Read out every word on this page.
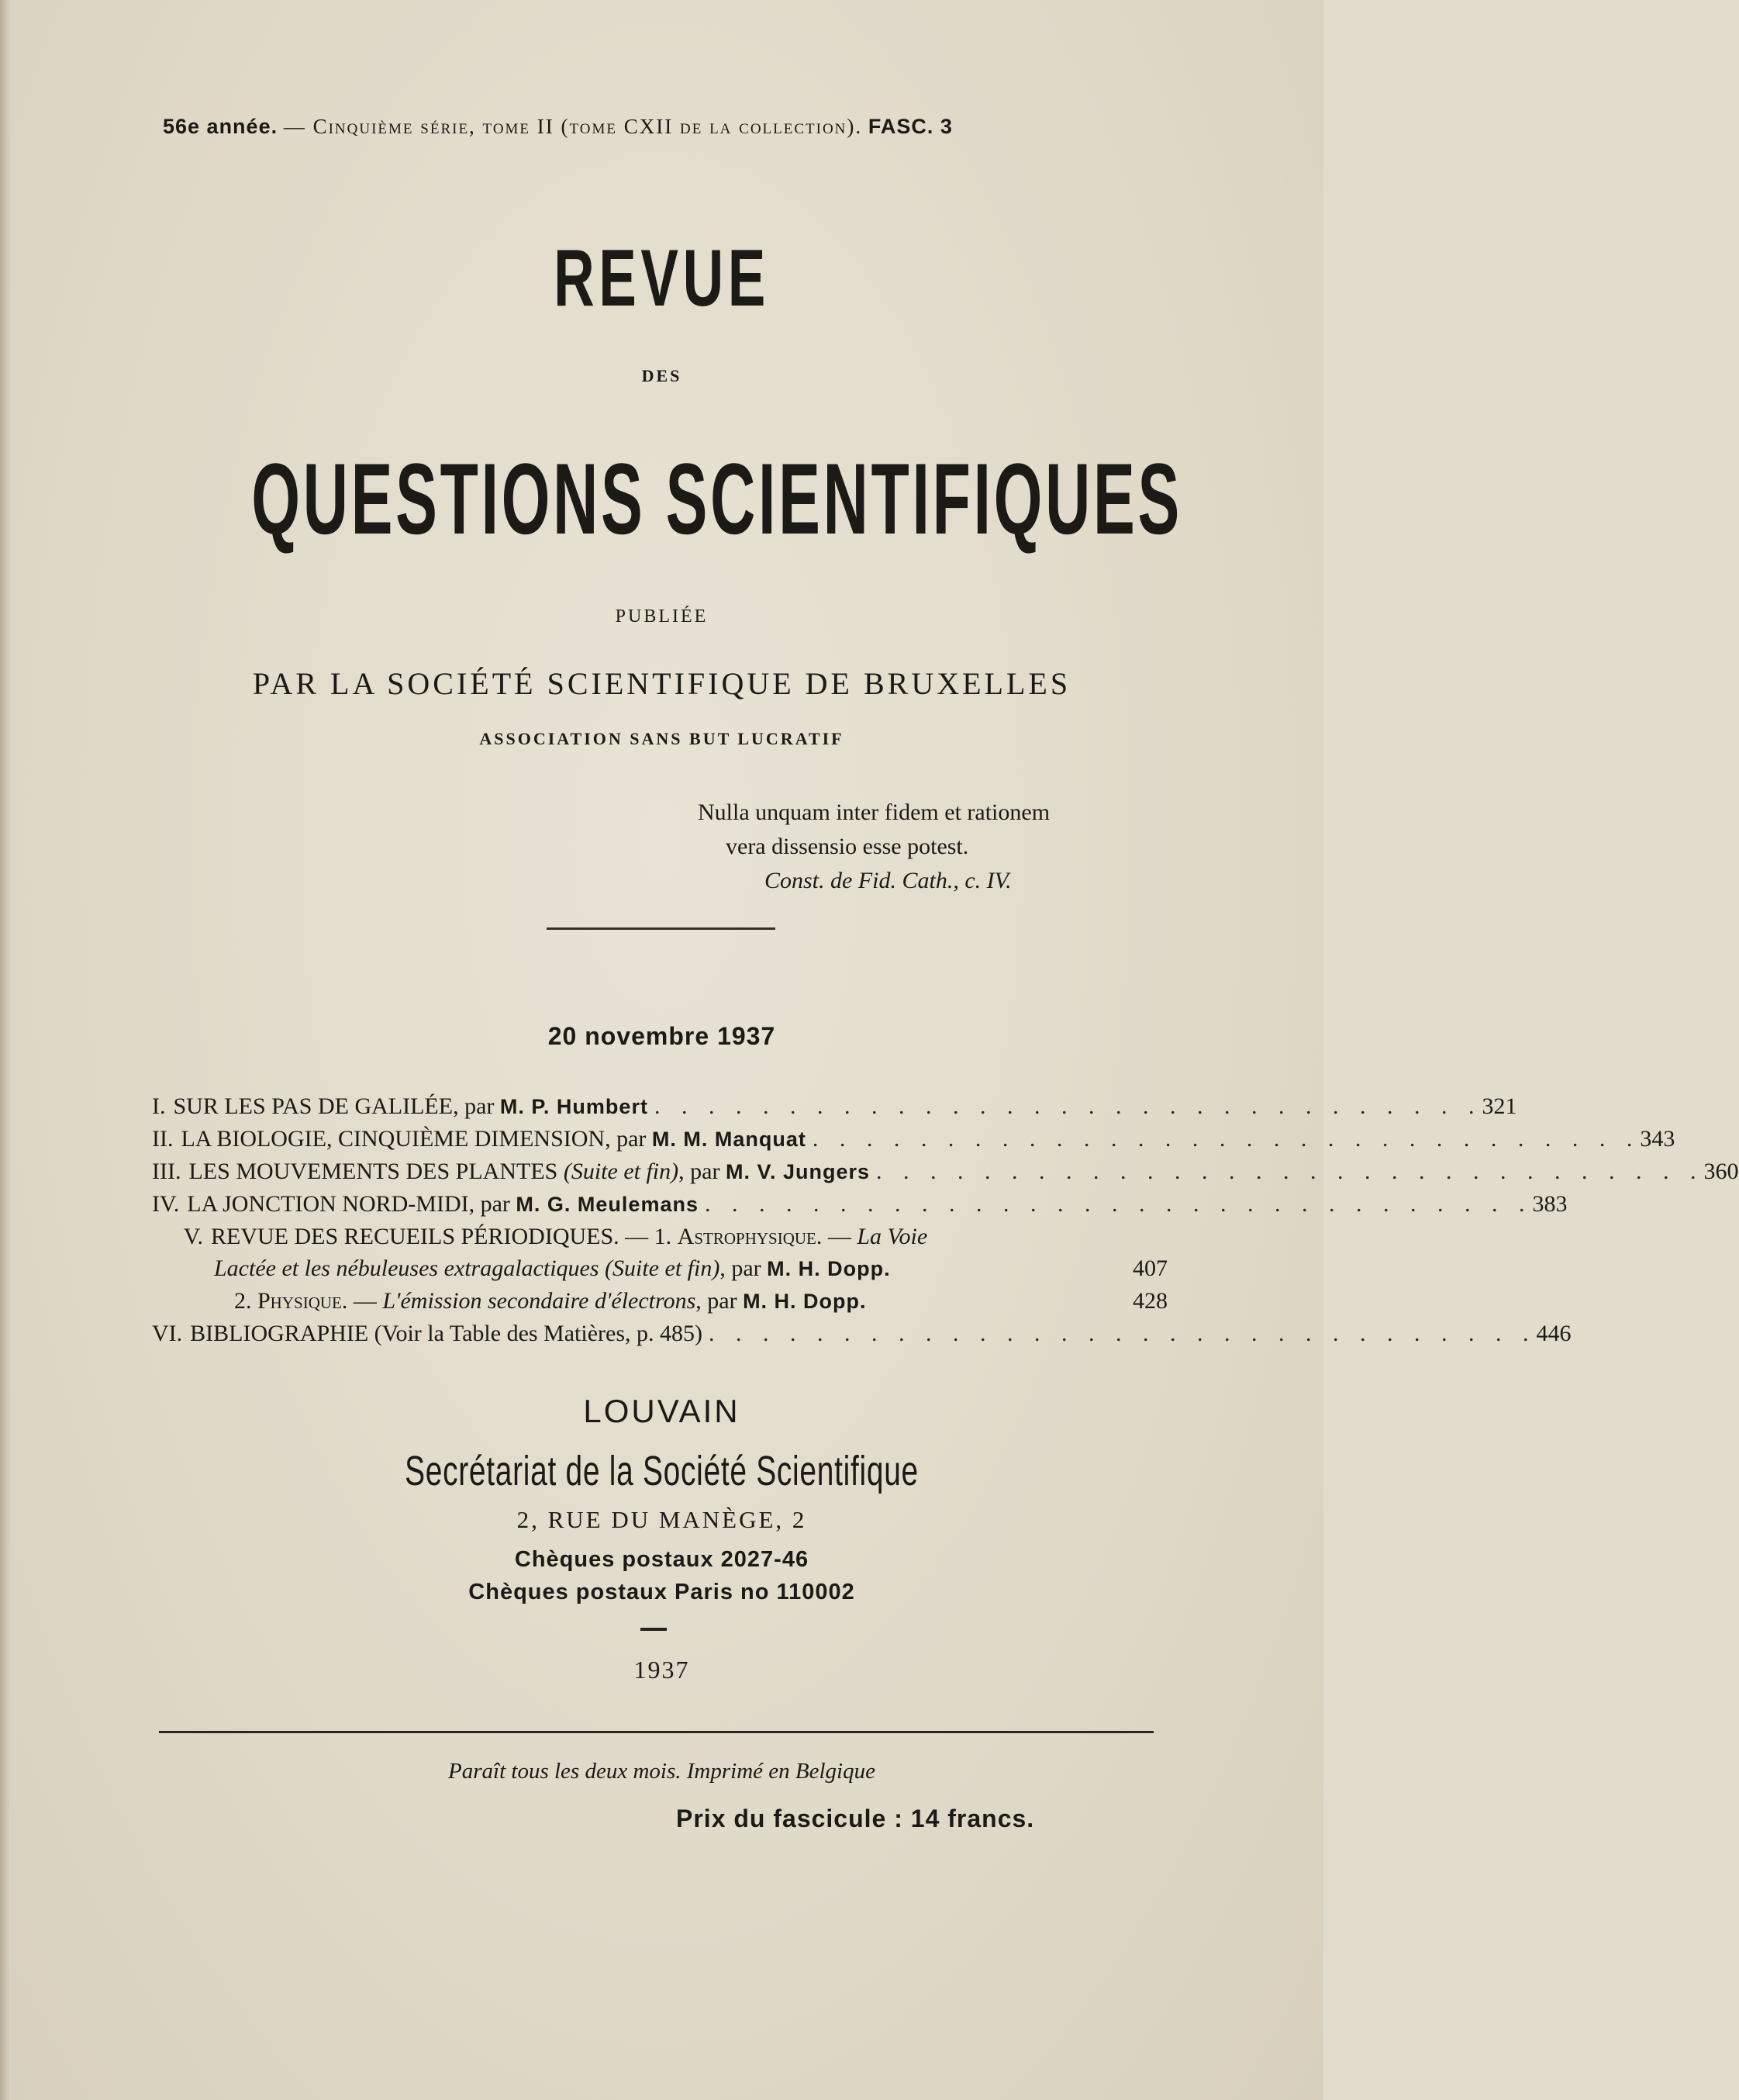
56e année. — Cinquième série, tome II (tome CXII de la collection). FASC. 3
REVUE
DES
QUESTIONS SCIENTIFIQUES
PUBLIÉE
PAR LA SOCIÉTÉ SCIENTIFIQUE DE BRUXELLES
ASSOCIATION SANS BUT LUCRATIF
Nulla unquam inter fidem et rationem
vera dissensio esse potest.
Const. de Fid. Cath., c. IV.
20 novembre 1937
I. SUR LES PAS DE GALILÉE, par M. P. Humbert . . . . . . . . . . . . . . . . . . . . . . . . . . . . . . . 321
II. LA BIOLOGIE, CINQUIÈME DIMENSION, par M. M. Manquat . . . . . . . . . . . . . . . . . . . . . . . . . . . . . . . 343
III. LES MOUVEMENTS DES PLANTES (Suite et fin), par M. V. Jungers . . . . . . . . . . . . . . . . . . . . . . . . . . . . . . . 360
IV. LA JONCTION NORD-MIDI, par M. G. Meulemans . . . . . . . . . . . . . . . . . . . . . . . . . . . . . . . 383
V. REVUE DES RECUEILS PÉRIODIQUES. — 1. Astrophysique. — La Voie
Lactée et les nébuleuses extragalactiques (Suite et fin), par M. H. Dopp.	407
2. Physique. — L'émission secondaire d'électrons, par M. H. Dopp.	428
VI. BIBLIOGRAPHIE (Voir la Table des Matières, p. 485) . . . . . . . . . . . . . . . . . . . . . . . . . . . . . . . 446
LOUVAIN
Secrétariat de la Société Scientifique
2, RUE DU MANÈGE, 2
Chèques postaux 2027-46
Chèques postaux Paris no 110002
1937
Paraît tous les deux mois. Imprimé en Belgique
Prix du fascicule : 14 francs.
